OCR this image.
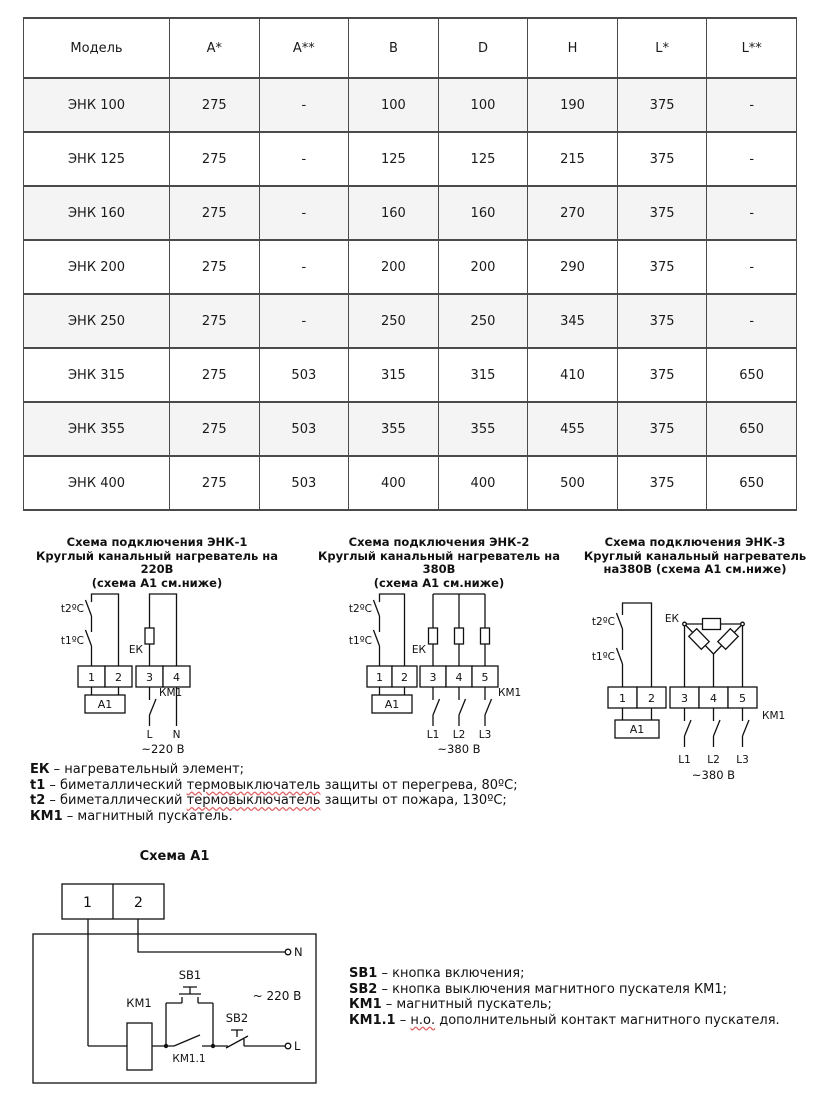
Модель	A*	A**	B	D	H	L*	L**
ЭНК 100	275	-	100	100	190	375	-
ЭНК 125	275	-	125	125	215	375	-
ЭНК 160	275	-	160	160	270	375	-
ЭНК 200	275	-	200	200	290	375	-
ЭНК 250	275	-	250	250	345	375	-
ЭНК 315	275	503	315	315	410	375	650
ЭНК 355	275	503	355	355	455	375	650
ЭНК 400	275	503	400	400	500	375	650
Схема подключения ЭНК-1
Круглый канальный нагреватель на 220В
(схема А1 см.ниже)
Схема подключения ЭНК-2
Круглый канальный нагреватель на 380В
(схема А1 см.ниже)
Схема подключения ЭНК-3
Круглый канальный нагреватель
на380В (схема А1 см.ниже)
t2ºC
t1ºC
ЕК
1 2 3 4
А1
КМ1
L N
~220 В
t2ºC
t1ºC
ЕК
1 2 3 4 5
А1
КМ1
L1 L2 L3
~380 В
t2ºC
t1ºC
ЕК
1 2 3 4 5
А1
КМ1
L1 L2 L3
~380 В
ЕК – нагревательный элемент;
t1 – биметаллический термовыключатель защиты от перегрева, 80ºС;
t2 – биметаллический термовыключатель защиты от пожара, 130ºС;
КМ1 – магнитный пускатель.
Схема А1
1	2
N
L
КМ1
SB1
SB2
КМ1.1
~ 220 В
SB1 – кнопка включения;
SB2 – кнопка выключения магнитного пускателя КМ1;
КМ1 – магнитный пускатель;
КМ1.1 – н.о. дополнительный контакт магнитного пускателя.
